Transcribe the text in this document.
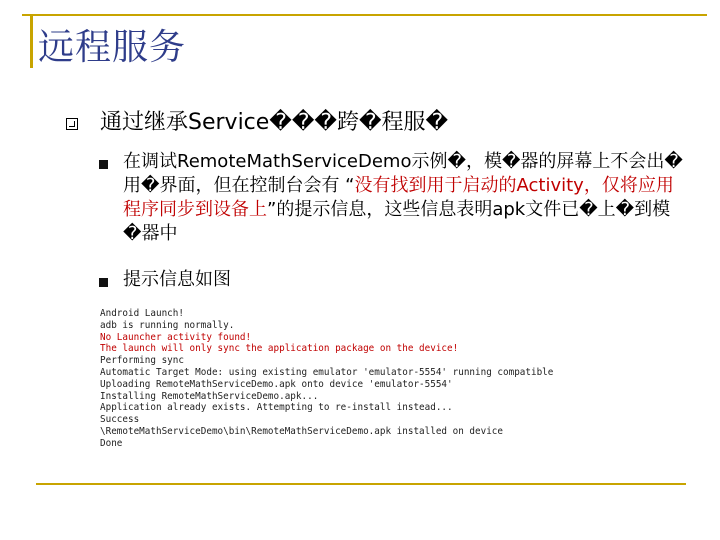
远程服务
通过继承Service���跨�程服�
在调试RemoteMathServiceDemo示例�，模�器的屏幕上不会出�用�界面，但在控制台会有 “没有找到用于启动的Activity，仅将应用程序同步到设备上”的提示信息，这些信息表明apk文件已�上�到模�器中
提示信息如图
Android Launch!
adb is running normally.
No Launcher activity found!
The launch will only sync the application package on the device!
Performing sync
Automatic Target Mode: using existing emulator 'emulator-5554' running compatible
Uploading RemoteMathServiceDemo.apk onto device 'emulator-5554'
Installing RemoteMathServiceDemo.apk...
Application already exists. Attempting to re-install instead...
Success
\RemoteMathServiceDemo\bin\RemoteMathServiceDemo.apk installed on device
Done
